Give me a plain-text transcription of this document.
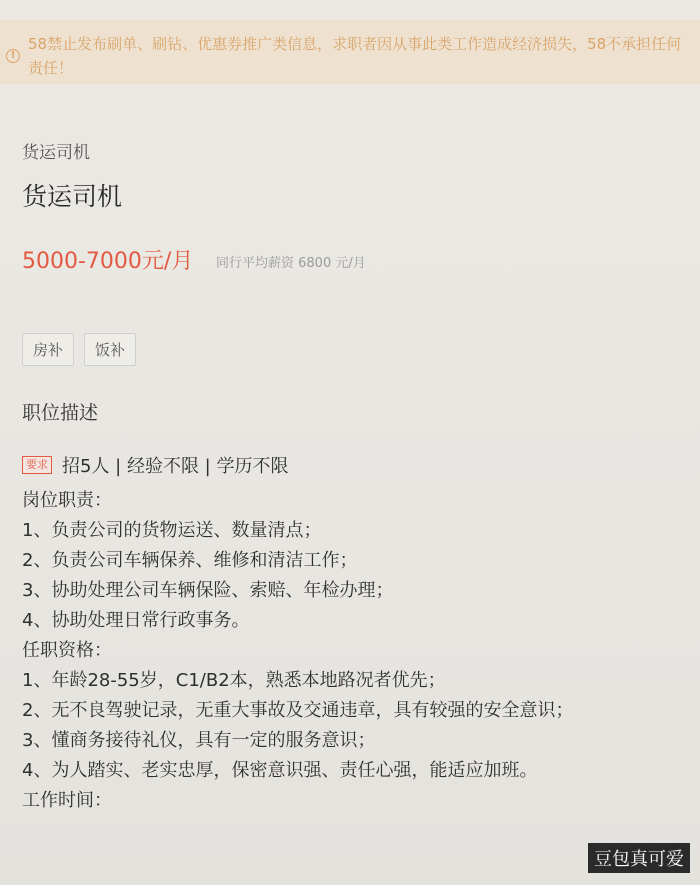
!
58禁止发布刷单、刷钻、优惠券推广类信息，求职者因从事此类工作造成经济损失，58不承担任何责任！
货运司机
货运司机
5000-7000元/月 同行平均薪资 6800 元/月
房补	饭补
职位描述
要求 招5人 | 经验不限 | 学历不限
岗位职责：
1、负责公司的货物运送、数量清点；
2、负责公司车辆保养、维修和清洁工作；
3、协助处理公司车辆保险、索赔、年检办理；
4、协助处理日常行政事务。
任职资格：
1、年龄28-55岁，C1/B2本，熟悉本地路况者优先；
2、无不良驾驶记录，无重大事故及交通违章，具有较强的安全意识；
3、懂商务接待礼仪，具有一定的服务意识；
4、为人踏实、老实忠厚，保密意识强、责任心强，能适应加班。
工作时间：
豆包真可爱
